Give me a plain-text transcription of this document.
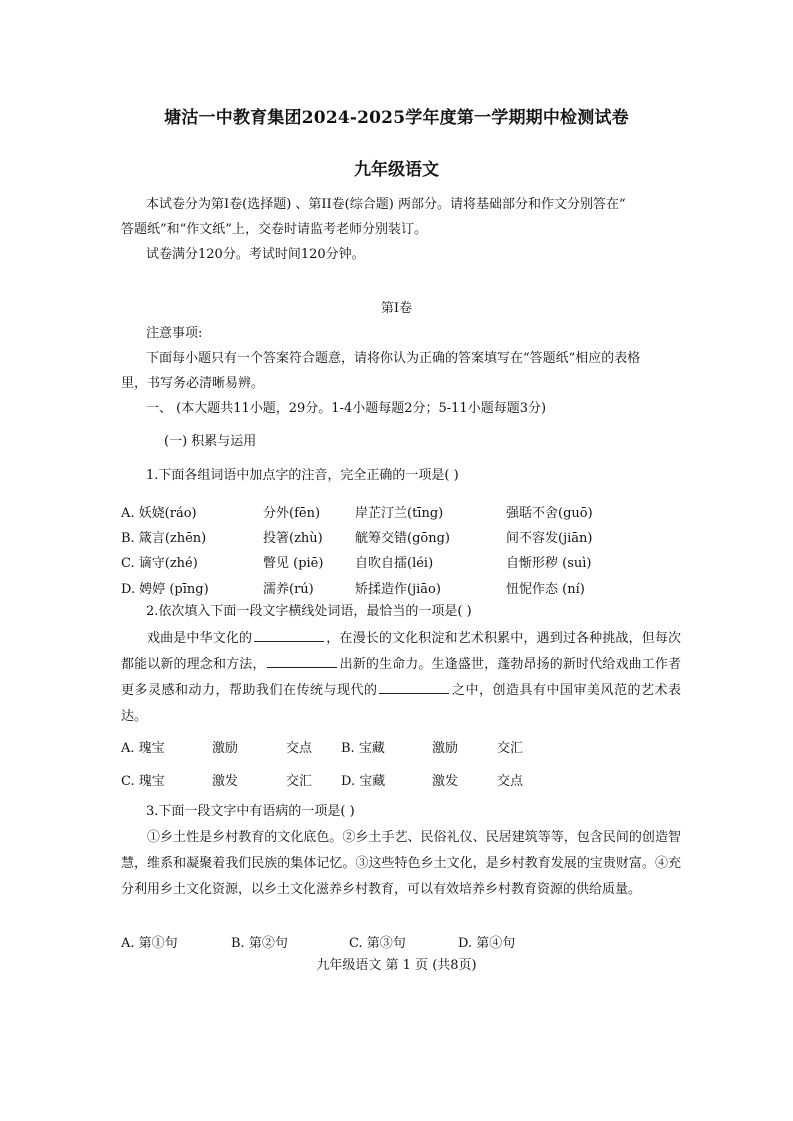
塘沽一中教育集团2024-2025学年度第一学期期中检测试卷
九年级语文
本试卷分为第Ⅰ卷(选择题) 、第II卷(综合题) 两部分。请将基础部分和作文分别答在“
答题纸”和“作文纸”上，交卷时请监考老师分别装订。
试卷满分120分。考试时间120分钟。
第Ⅰ卷
注意事项:
下面每小题只有一个答案符合题意，请将你认为正确的答案填写在“答题纸”相应的表格
里，书写务必清晰易辨。
一、 (本大题共11小题，29分。1-4小题每题2分；5-11小题每题3分)
(一) 积累与运用
1.下面各组词语中加点字的注音，完全正确的一项是( )
A. 妖娆(ráo)	分外(fēn)	岸芷汀兰(tīng)	强聒不舍(guō)
B. 箴言(zhēn)	投箸(zhù) 觥筹交错(gōng)	间不容发(jiān)
C. 谪守(zhé)	瞥见 (piē) 自吹自擂(léi)	自惭形秽 (suì)
D. 娉婷 (pīng)	濡养(rú)	矫揉造作(jiāo)	忸怩作态 (ní)
2.依次填入下面一段文字横线处词语，最恰当的一项是( )
戏曲是中华文化的	，在漫长的文化积淀和艺术积累中，遇到过各种挑战，但每次都能以新的理念和方法，	出新的生命力。生逢盛世，蓬勃昂扬的新时代给戏曲工作者更多灵感和动力，帮助我们在传统与现代的	之中，创造具有中国审美风范的艺术表达。
A. 瑰宝	激励	交点 B. 宝藏	激励	交汇
C. 瑰宝	激发	交汇 D. 宝藏	激发	交点
3.下面一段文字中有语病的一项是( )
①乡土性是乡村教育的文化底色。②乡土手艺、民俗礼仪、民居建筑等等，包含民间的创造智慧，维系和凝聚着我们民族的集体记忆。③这些特色乡土文化，是乡村教育发展的宝贵财富。④充分利用乡土文化资源，以乡土文化滋养乡村教育，可以有效培养乡村教育资源的供给质量。
A. 第①句	B. 第②句	C. 第③句	D. 第④句
九年级语文 第 1 页 (共8页)
